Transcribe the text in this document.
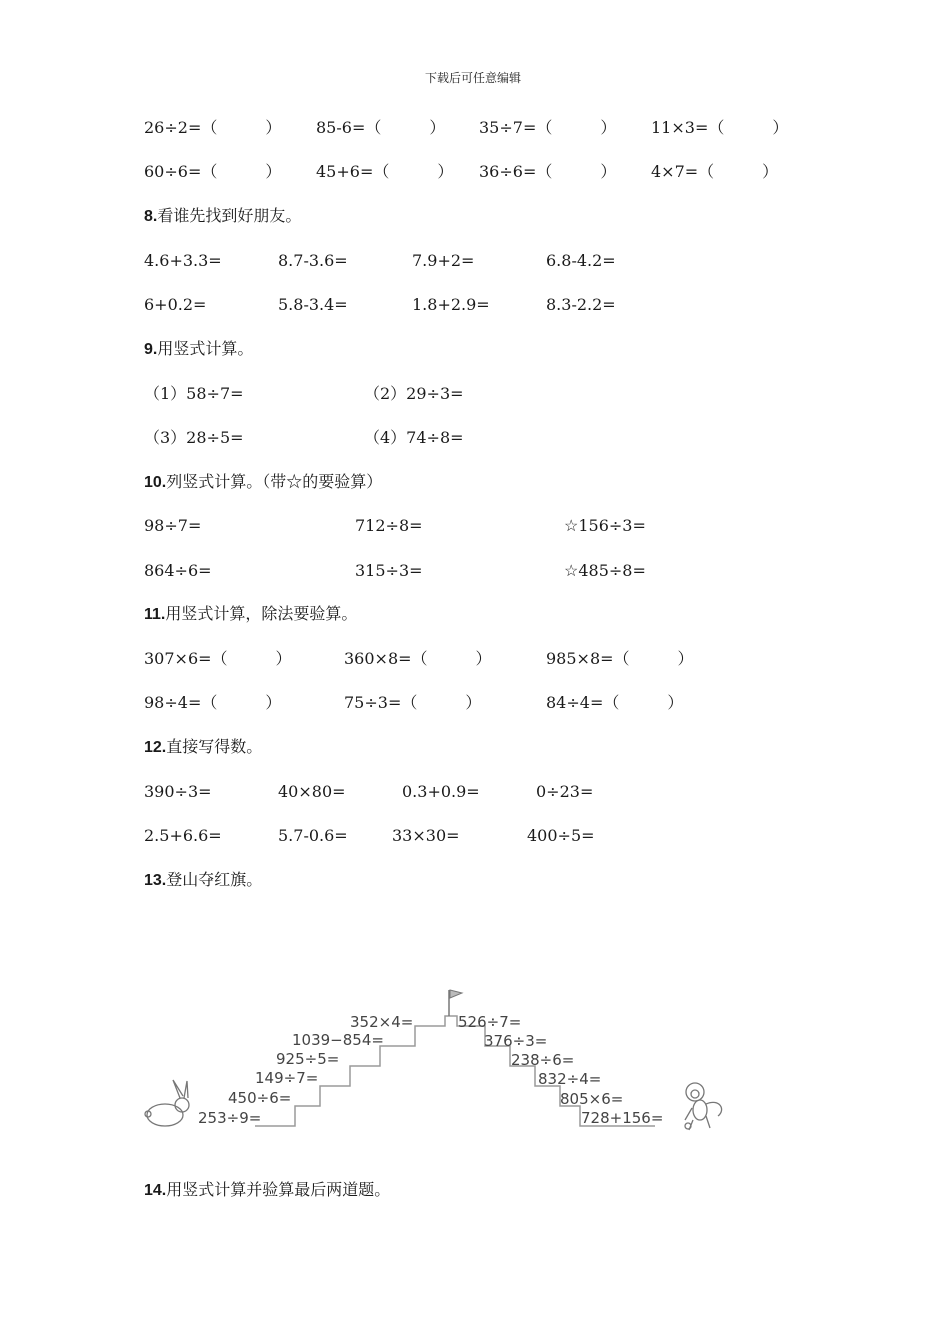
下载后可任意编辑
26÷2=（　　　） 85-6=（　　　） 35÷7=（　　　） 11×3=（　　　）
60÷6=（　　　） 45+6=（　　　） 36÷6=（　　　） 4×7=（　　　）
8.看谁先找到好朋友。
4.6+3.3=	8.7-3.6=	7.9+2=	6.8-4.2=
6+0.2=	5.8-3.4=	1.8+2.9=	8.3-2.2=
9.用竖式计算。
（1）58÷7=	（2）29÷3=
（3）28÷5=	（4）74÷8=
10.列竖式计算。（带☆的要验算）
98÷7=	712÷8=	☆156÷3=
864÷6=	315÷3=	☆485÷8=
11.用竖式计算，除法要验算。
307×6=（　　　）	360×8=（　　　）	985×8=（　　　）
98÷4=（　　　）	75÷3=（　　　）	84÷4=（　　　）
12.直接写得数。
390÷3=	40×80=	0.3+0.9=	0÷23=
2.5+6.6=	5.7-0.6=	33×30=	400÷5=
13.登山夺红旗。
253÷9=
450÷6=
149÷7=
925÷5=
1039−854=
352×4=	526÷7=
376÷3=
238÷6=
832÷4=
805×6=
728+156=
14.用竖式计算并验算最后两道题。
